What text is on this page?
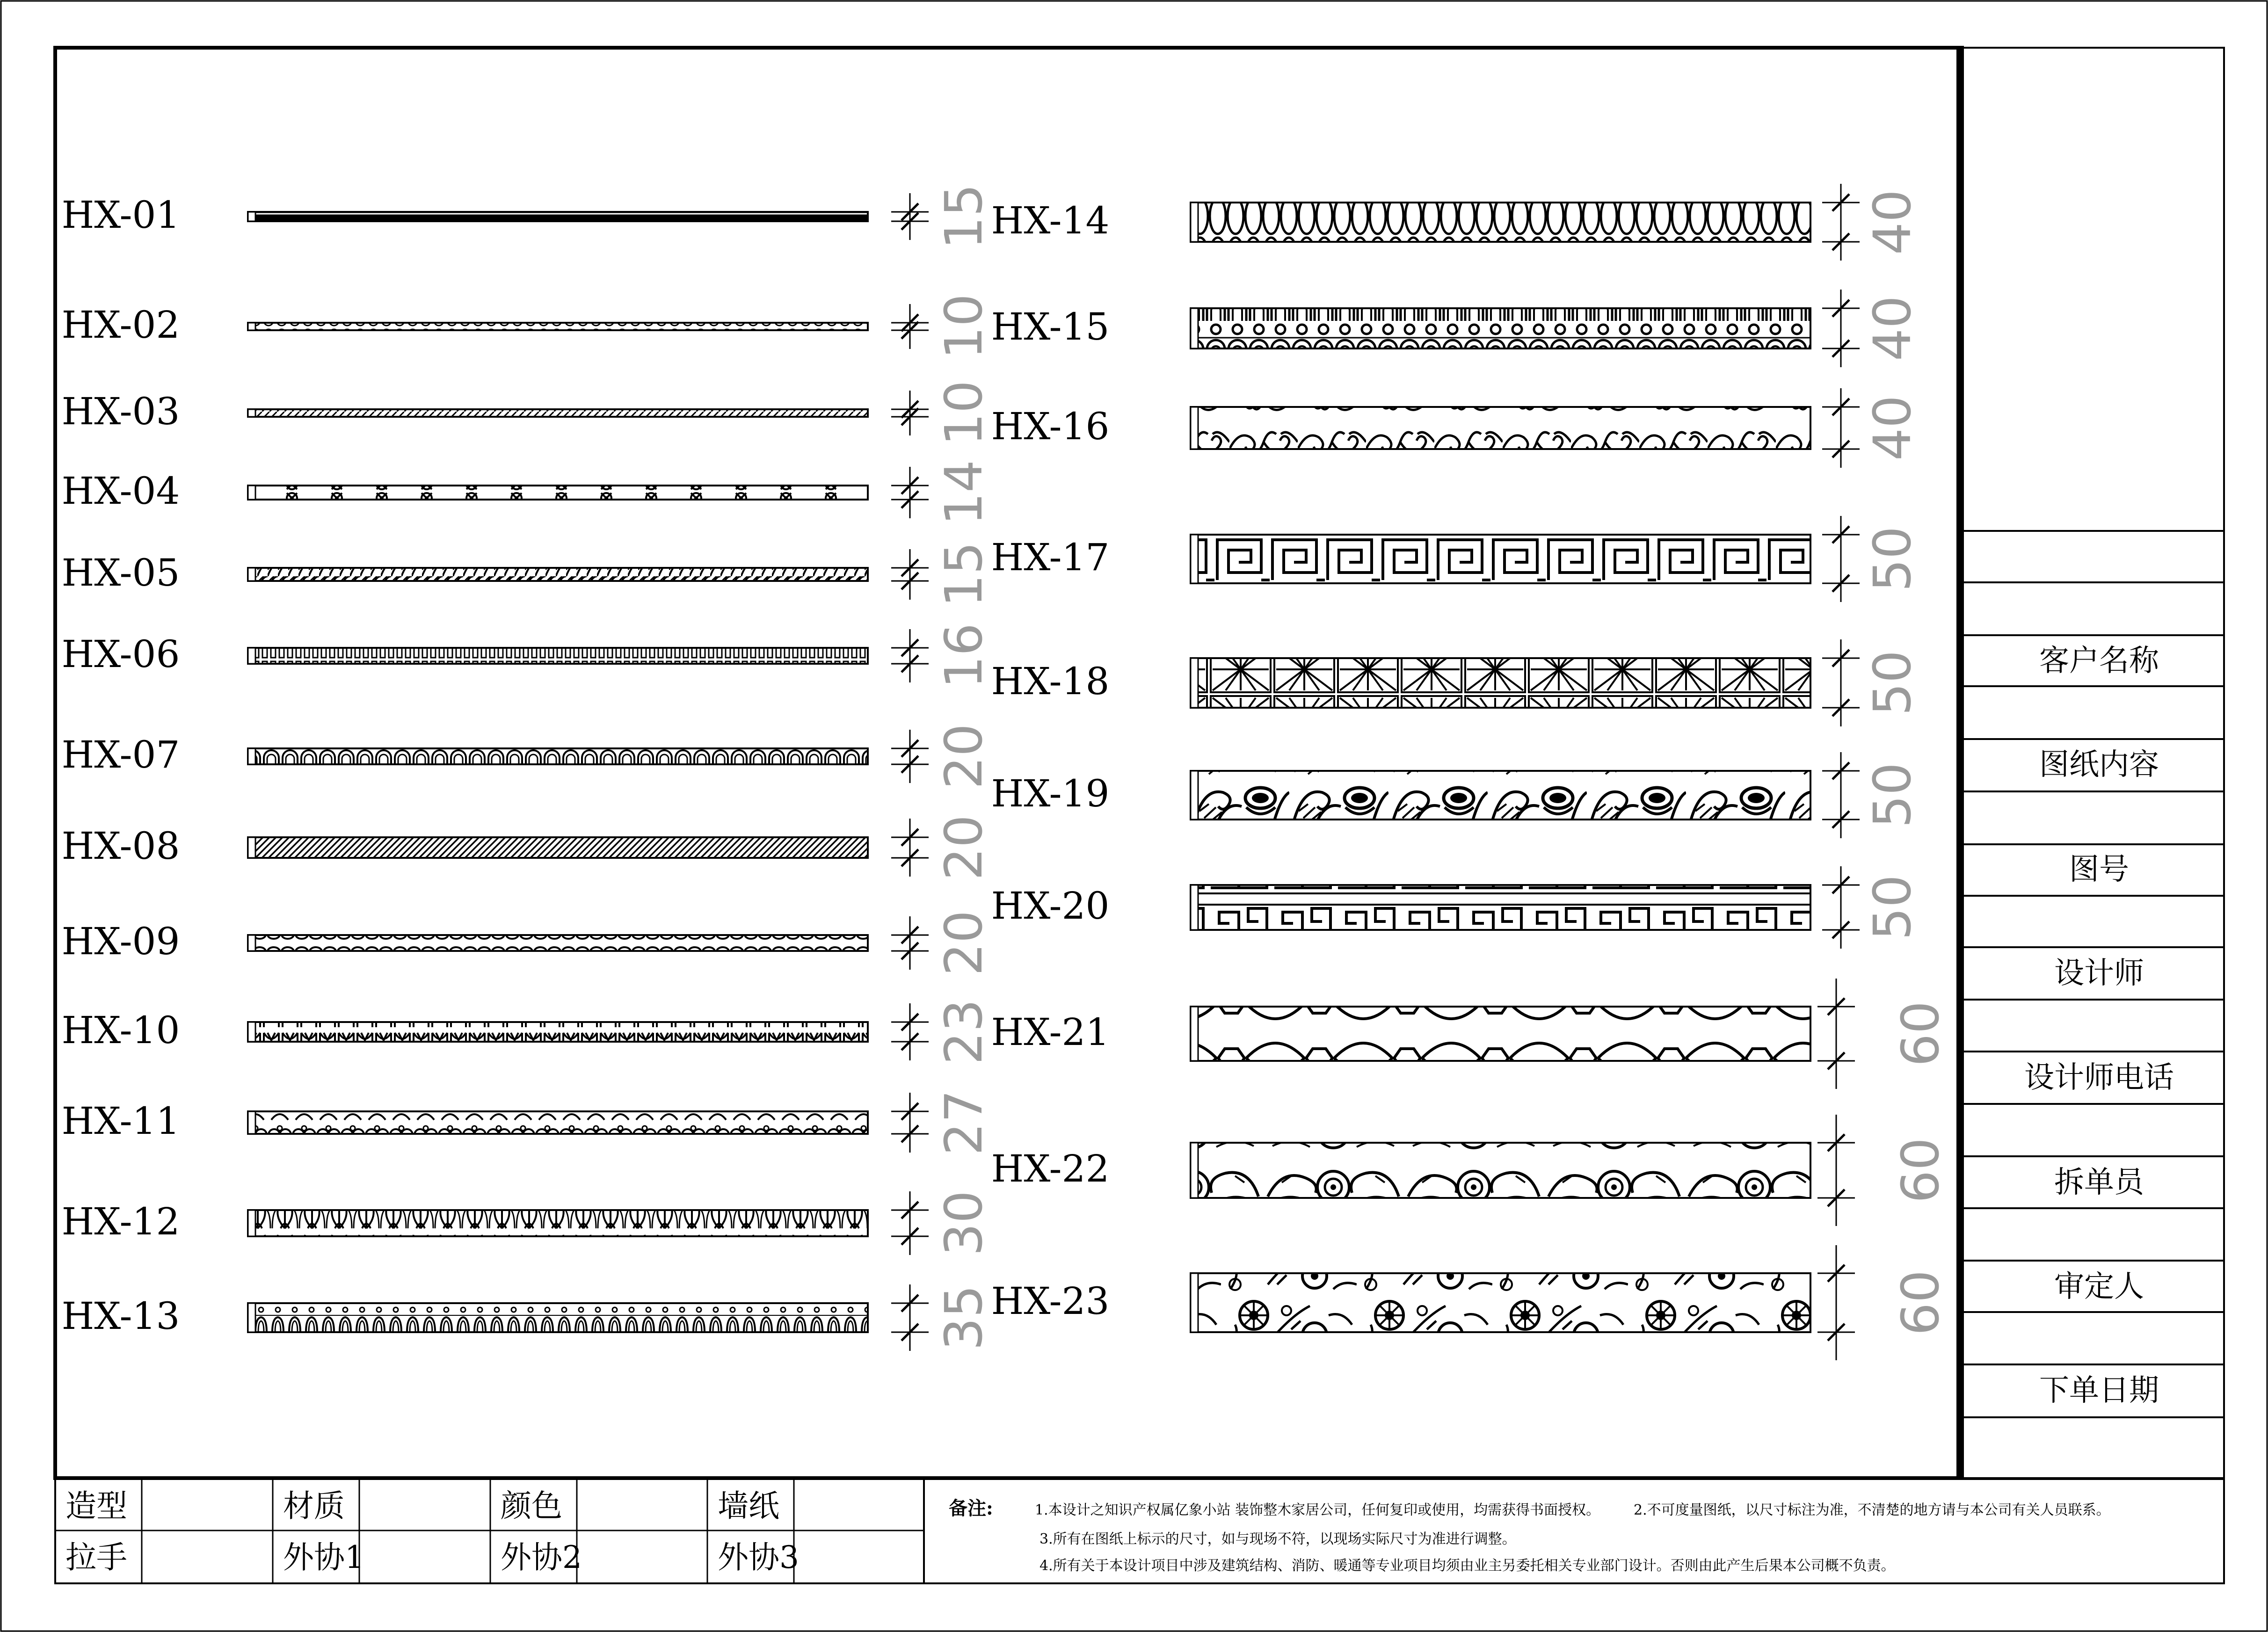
HX-01	15
HX-02	10
HX-03	10
HX-04	14
HX-05	15
HX-06	16
HX-07	20
HX-08	20
HX-09	20
HX-10	23
HX-11	27
HX-12	30
HX-13	35
HX-14	40
HX-15	40
HX-16	40
HX-17	50
HX-18	50
HX-19	50
HX-20	50
HX-21	60
HX-22	60
HX-23	60
客户名称
图纸内容
图号
设计师
设计师电话
拆单员
审定人
下单日期
造型	材质	颜色	墙纸
拉手	外协1	外协2	外协3
备注:	1.本设计之知识产权属亿象小站 装饰整木家居公司，任何复印或使用，均需获得书面授权。 2.不可度量图纸，以尺寸标注为准，不清楚的地方请与本公司有关人员联系。
3.所有在图纸上标示的尺寸，如与现场不符，以现场实际尺寸为准进行调整。
4.所有关于本设计项目中涉及建筑结构、消防、暖通等专业项目均须由业主另委托相关专业部门设计。否则由此产生后果本公司概不负责。
